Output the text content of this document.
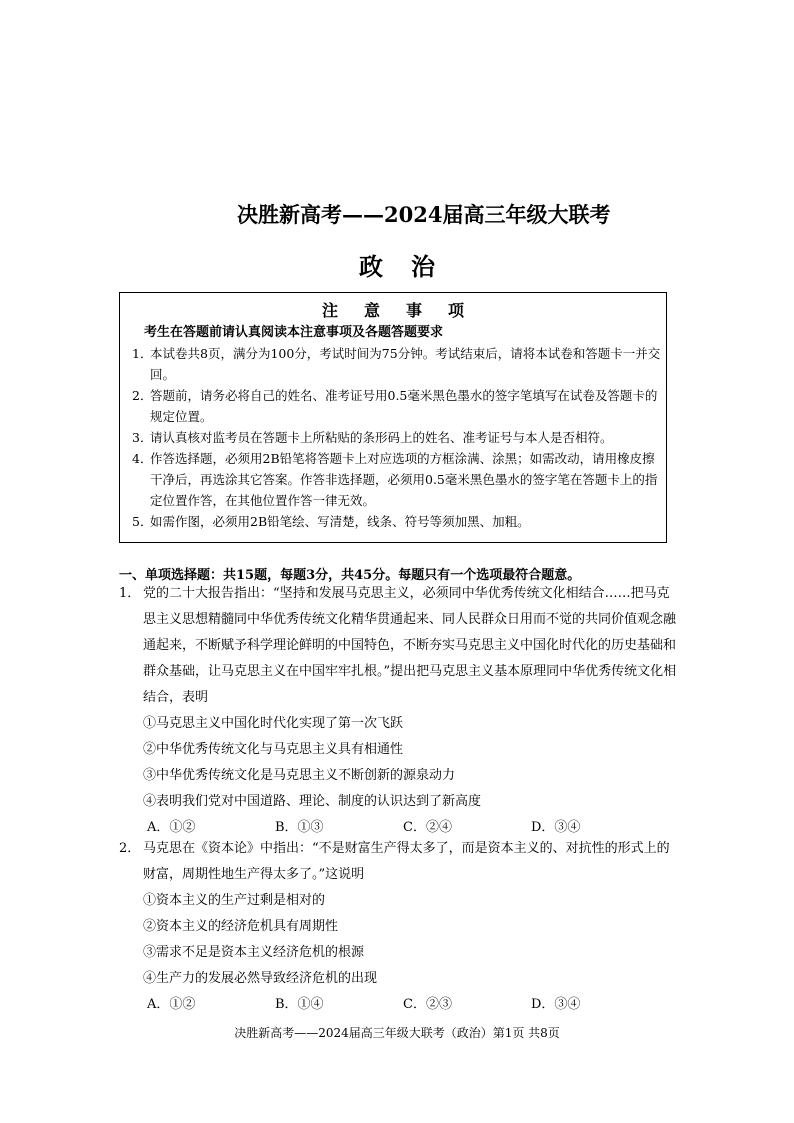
决胜新高考——2024届高三年级大联考
政 治
注 意 事 项
考生在答题前请认真阅读本注意事项及各题答题要求
1．
本试卷共8页，满分为100分，考试时间为75分钟。考试结束后，请将本试卷和答题卡一并交回。
2．
答题前，请务必将自己的姓名、准考证号用0.5毫米黑色墨水的签字笔填写在试卷及答题卡的规定位置。
3．
请认真核对监考员在答题卡上所粘贴的条形码上的姓名、准考证号与本人是否相符。
4．
作答选择题，必须用2B铅笔将答题卡上对应选项的方框涂满、涂黑；如需改动，请用橡皮擦干净后，再选涂其它答案。作答非选择题，必须用0.5毫米黑色墨水的签字笔在答题卡上的指定位置作答，在其他位置作答一律无效。
5．
如需作图，必须用2B铅笔绘、写清楚，线条、符号等须加黑、加粗。
一、单项选择题：共15题，每题3分，共45分。每题只有一个选项最符合题意。
1． 党的二十大报告指出：“坚持和发展马克思主义，必须同中华优秀传统文化相结合……把马克思主义思想精髓同中华优秀传统文化精华贯通起来、同人民群众日用而不觉的共同价值观念融通起来，不断赋予科学理论鲜明的中国特色，不断夯实马克思主义中国化时代化的历史基础和群众基础，让马克思主义在中国牢牢扎根。”提出把马克思主义基本原理同中华优秀传统文化相结合，表明
①马克思主义中国化时代化实现了第一次飞跃
②中华优秀传统文化与马克思主义具有相通性
③中华优秀传统文化是马克思主义不断创新的源泉动力
④表明我们党对中国道路、理论、制度的认识达到了新高度
A．①②	B．①③	C．②④	D．③④
2． 马克思在《资本论》中指出：“不是财富生产得太多了，而是资本主义的、对抗性的形式上的财富，周期性地生产得太多了。”这说明
①资本主义的生产过剩是相对的
②资本主义的经济危机具有周期性
③需求不足是资本主义经济危机的根源
④生产力的发展必然导致经济危机的出现
A．①②	B．①④	C．②③	D．③④
决胜新高考——2024届高三年级大联考（政治）第1页 共8页
